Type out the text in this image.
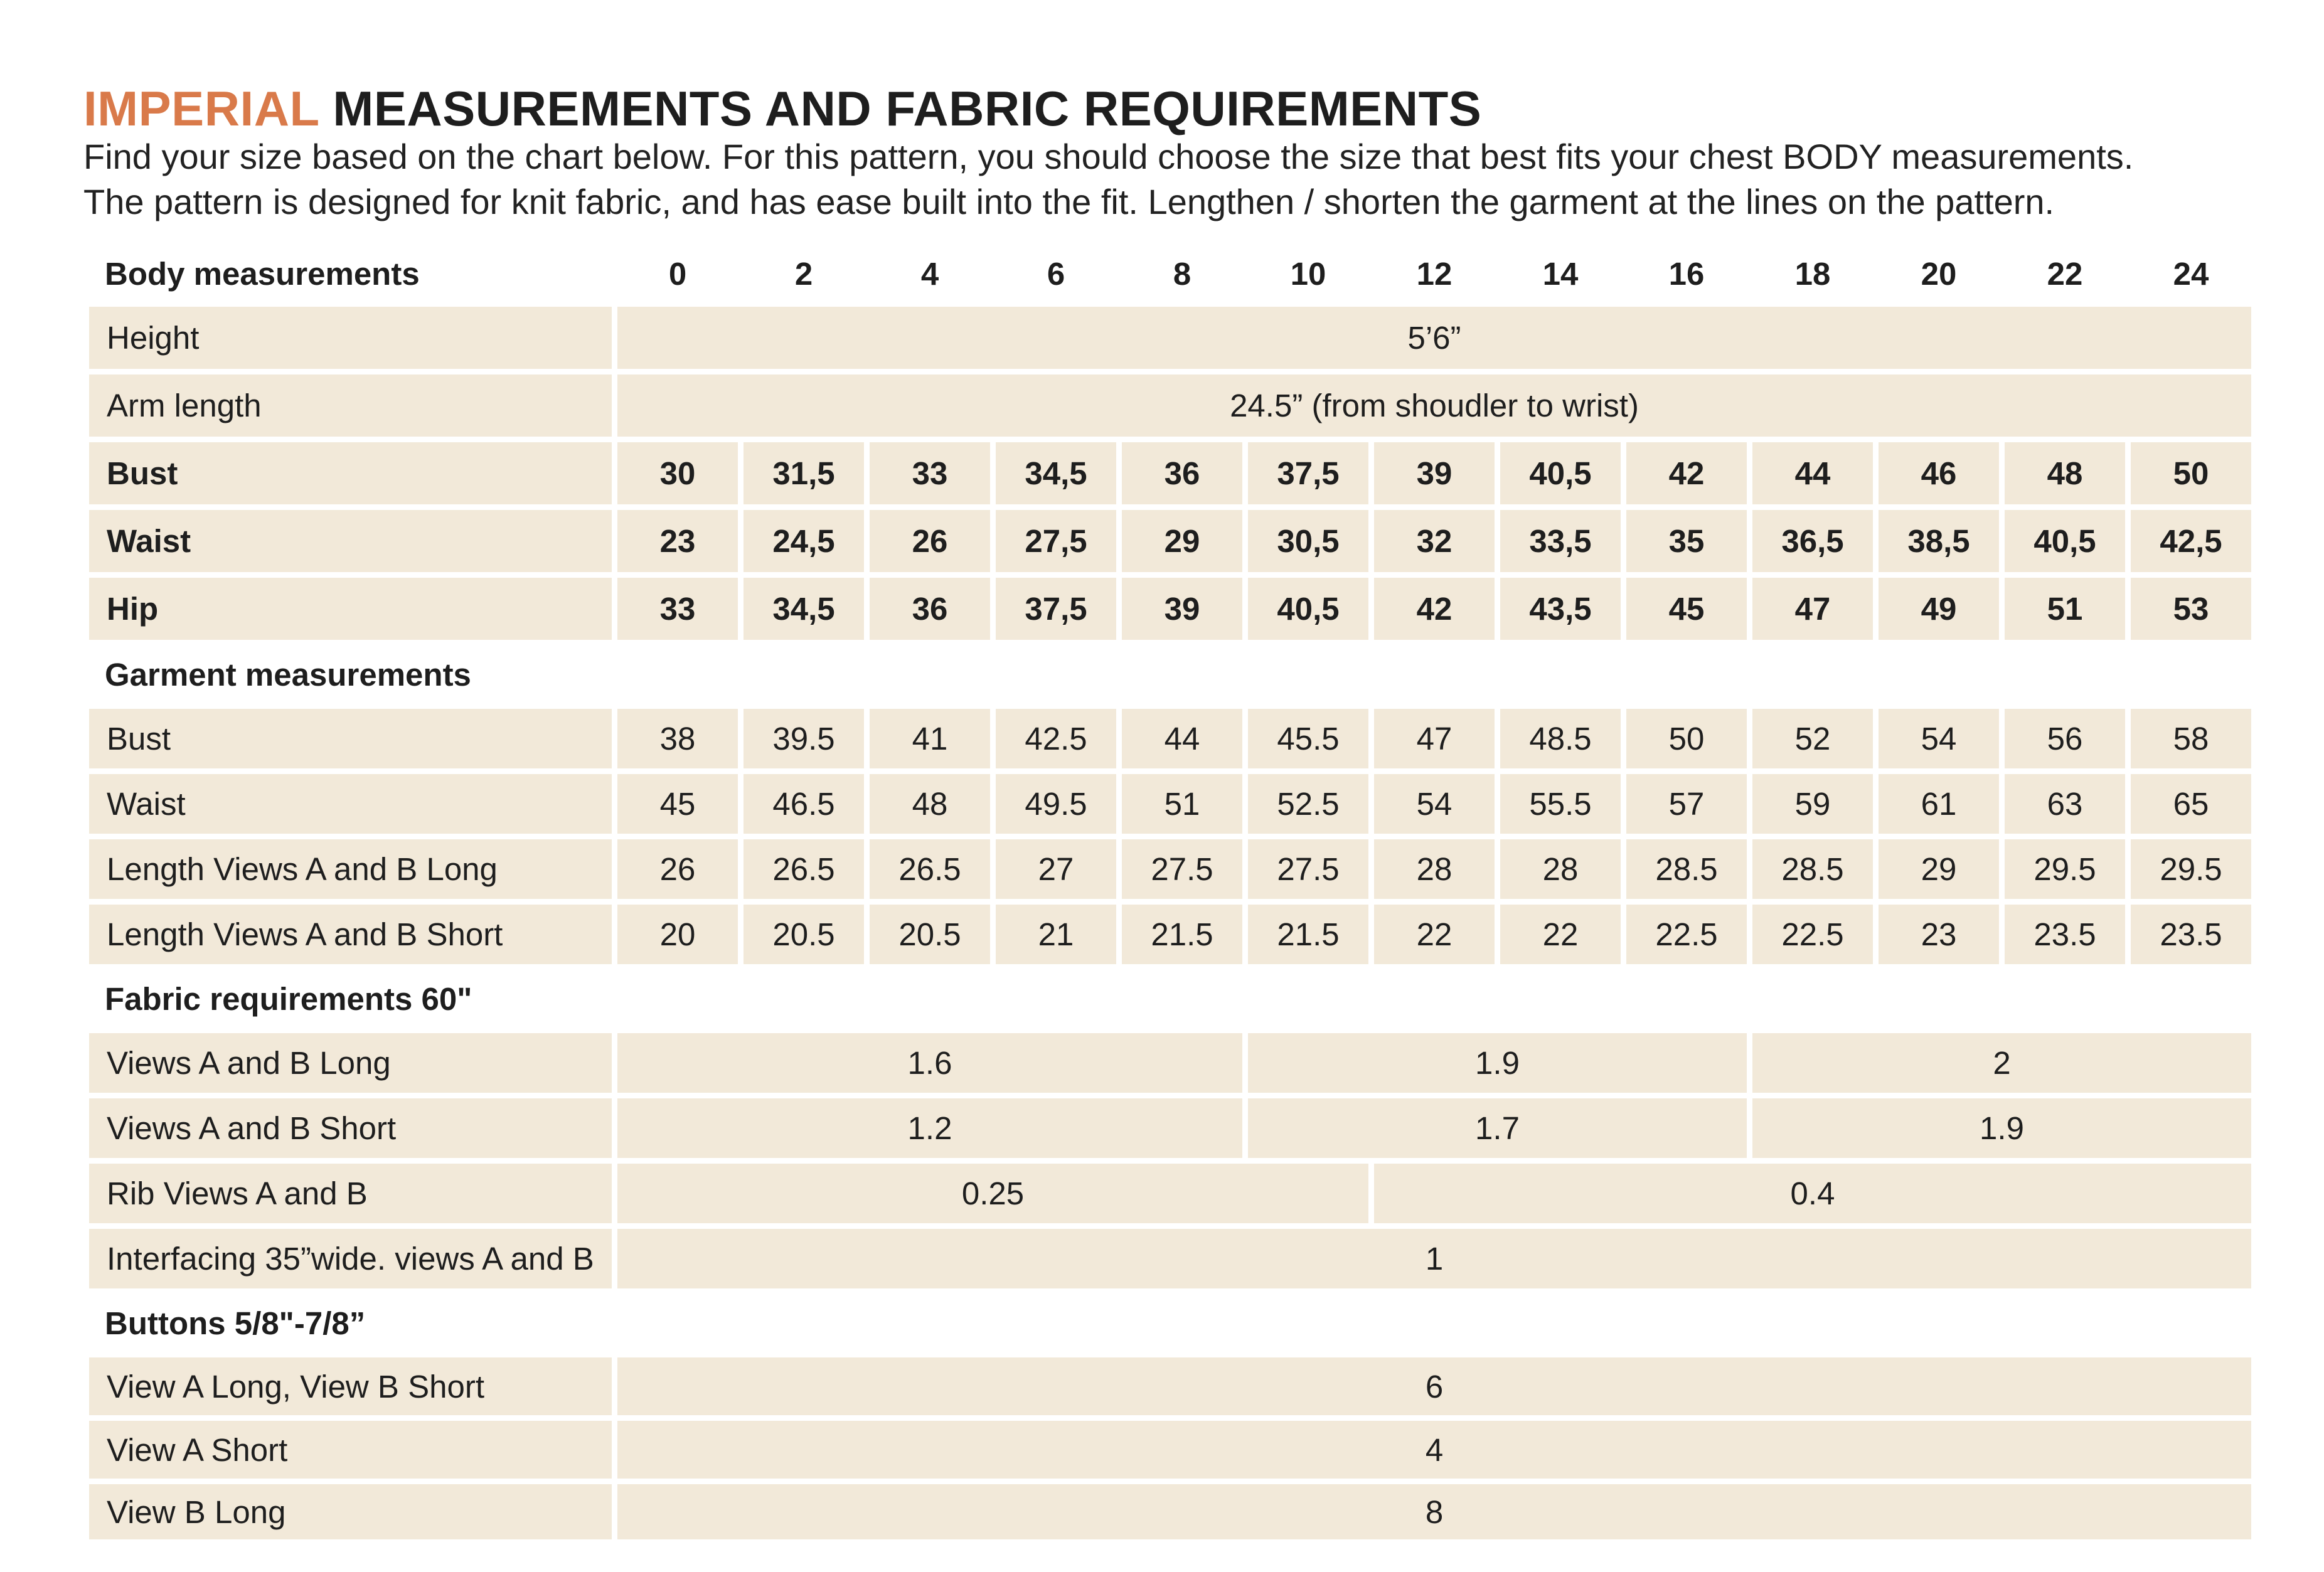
IMPERIAL MEASUREMENTS AND FABRIC REQUIREMENTS
Find your size based on the chart below. For this pattern, you should choose the size that best fits your chest BODY measurements.
The pattern is designed for knit fabric, and has ease built into the fit. Lengthen / shorten the garment at the lines on the pattern.
Body measurements	0	2	4	6	8	10	12	14	16	18	20	22	24
Height	5’6”												
Arm length	24.5” (from shoudler to wrist)												
Bust	30	31,5	33	34,5	36	37,5	39	40,5	42	44	46	48	50
Waist	23	24,5	26	27,5	29	30,5	32	33,5	35	36,5	38,5	40,5	42,5
Hip	33	34,5	36	37,5	39	40,5	42	43,5	45	47	49	51	53
Garment measurements													
Bust	38	39.5	41	42.5	44	45.5	47	48.5	50	52	54	56	58
Waist	45	46.5	48	49.5	51	52.5	54	55.5	57	59	61	63	65
Length Views A and B Long	26	26.5	26.5	27	27.5	27.5	28	28	28.5	28.5	29	29.5	29.5
Length Views A and B Short	20	20.5	20.5	21	21.5	21.5	22	22	22.5	22.5	23	23.5	23.5
Fabric requirements 60"													
Views A and B Long	1.6					1.9				2			
Views A and B Short	1.2					1.7				1.9			
Rib Views A and B	0.25						0.4						
Interfacing 35”wide. views A and B	1												
Buttons 5/8"-7/8”													
View A Long, View B Short	6												
View A Short	4												
View B Long	8												
